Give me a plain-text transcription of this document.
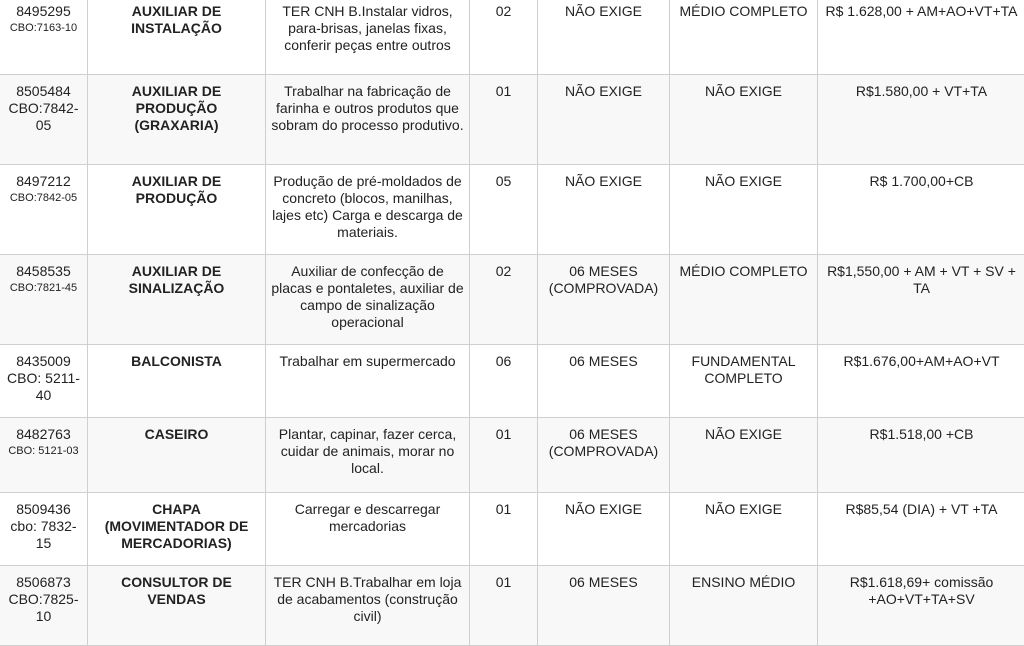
8495295
CBO:7163-10	AUXILIAR DE INSTALAÇÃO	TER CNH B.Instalar vidros, para-brisas, janelas fixas, conferir peças entre outros	02	NÃO EXIGE	MÉDIO COMPLETO	R$ 1.628,00 + AM+AO+VT+TA

8505484
CBO:7842-05	AUXILIAR DE PRODUÇÃO (GRAXARIA)	Trabalhar na fabricação de farinha e outros produtos que sobram do processo produtivo.	01	NÃO EXIGE	NÃO EXIGE	R$1.580,00 + VT+TA

8497212
CBO:7842-05	AUXILIAR DE PRODUÇÃO	Produção de pré-moldados de concreto (blocos, manilhas, lajes etc) Carga e descarga de materiais.	05	NÃO EXIGE	NÃO EXIGE	R$ 1.700,00+CB

8458535
CBO:7821-45	AUXILIAR DE SINALIZAÇÃO	Auxiliar de confecção de placas e pontaletes, auxiliar de campo de sinalização operacional	02	06 MESES (COMPROVADA)	MÉDIO COMPLETO	R$1,550,00 + AM + VT + SV + TA

8435009
CBO: 5211-40	BALCONISTA	Trabalhar em supermercado	06	06 MESES	FUNDAMENTAL COMPLETO	R$1.676,00+AM+AO+VT

8482763
CBO: 5121-03	CASEIRO	Plantar, capinar, fazer cerca, cuidar de animais, morar no local.	01	06 MESES (COMPROVADA)	NÃO EXIGE	R$1.518,00 +CB

8509436
cbo: 7832-15	CHAPA (MOVIMENTADOR DE MERCADORIAS)	Carregar e descarregar mercadorias	01	NÃO EXIGE	NÃO EXIGE	R$85,54 (DIA) + VT +TA

8506873
CBO:7825-10	CONSULTOR DE VENDAS	TER CNH B.Trabalhar em loja de acabamentos (construção civil)	01	06 MESES	ENSINO MÉDIO	R$1.618,69+ comissão +AO+VT+TA+SV
